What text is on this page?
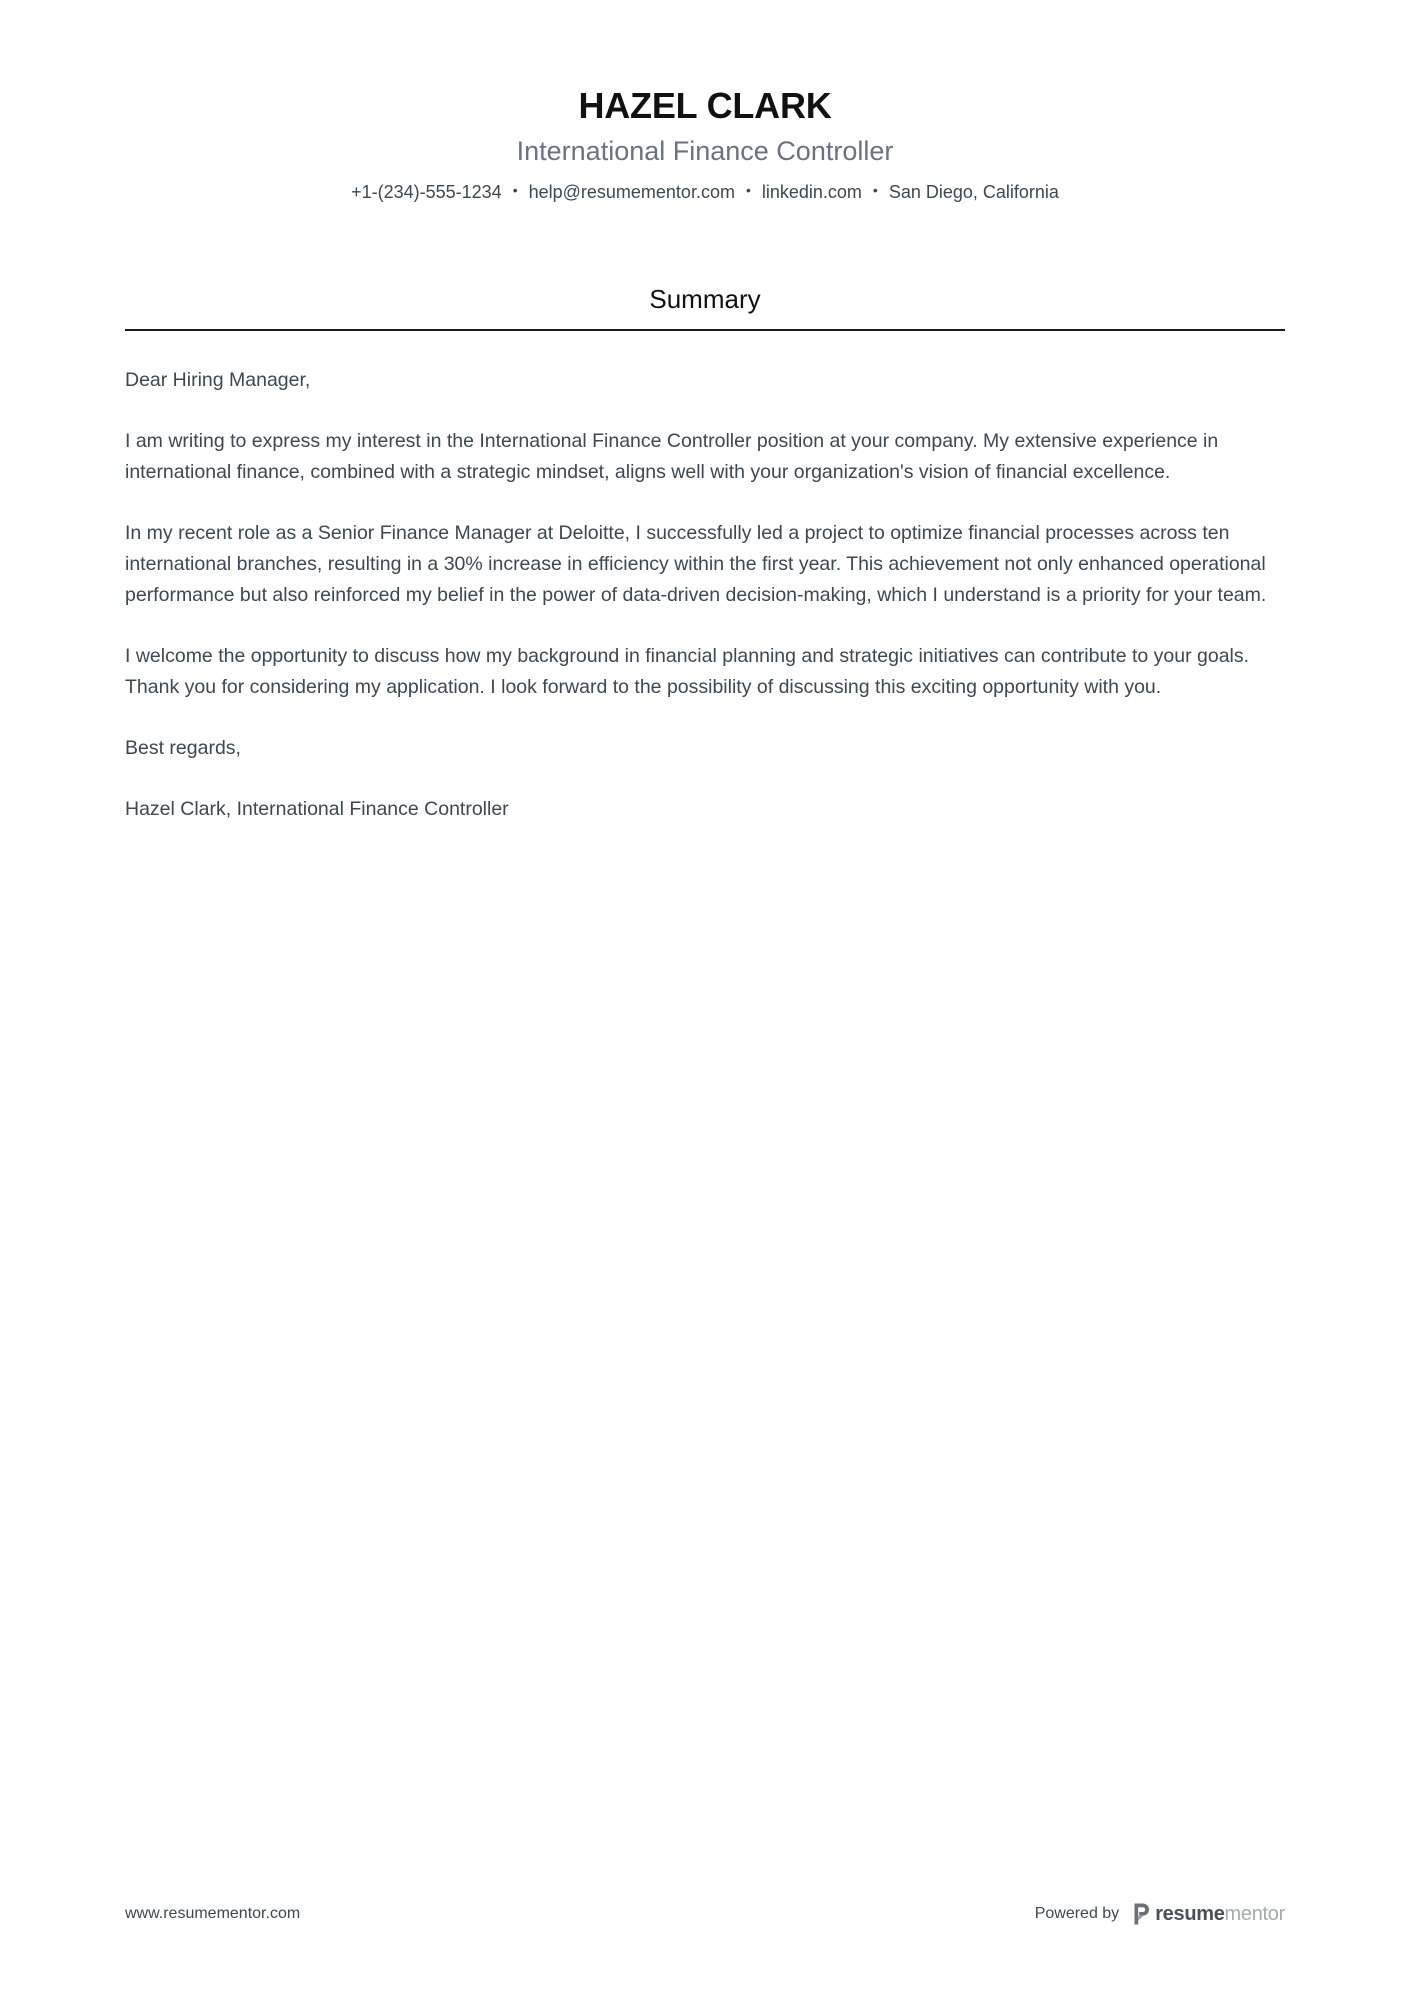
HAZEL CLARK
International Finance Controller
+1-(234)-555-1234 • help@resumementor.com • linkedin.com • San Diego, California
Summary

Dear Hiring Manager,

I am writing to express my interest in the International Finance Controller position at your company. My extensive experience in international finance, combined with a strategic mindset, aligns well with your organization's vision of financial excellence.

In my recent role as a Senior Finance Manager at Deloitte, I successfully led a project to optimize financial processes across ten international branches, resulting in a 30% increase in efficiency within the first year. This achievement not only enhanced operational performance but also reinforced my belief in the power of data-driven decision-making, which I understand is a priority for your team.

I welcome the opportunity to discuss how my background in financial planning and strategic initiatives can contribute to your goals. Thank you for considering my application. I look forward to the possibility of discussing this exciting opportunity with you.

Best regards,

Hazel Clark, International Finance Controller

www.resumementor.com	Powered by resumementor
